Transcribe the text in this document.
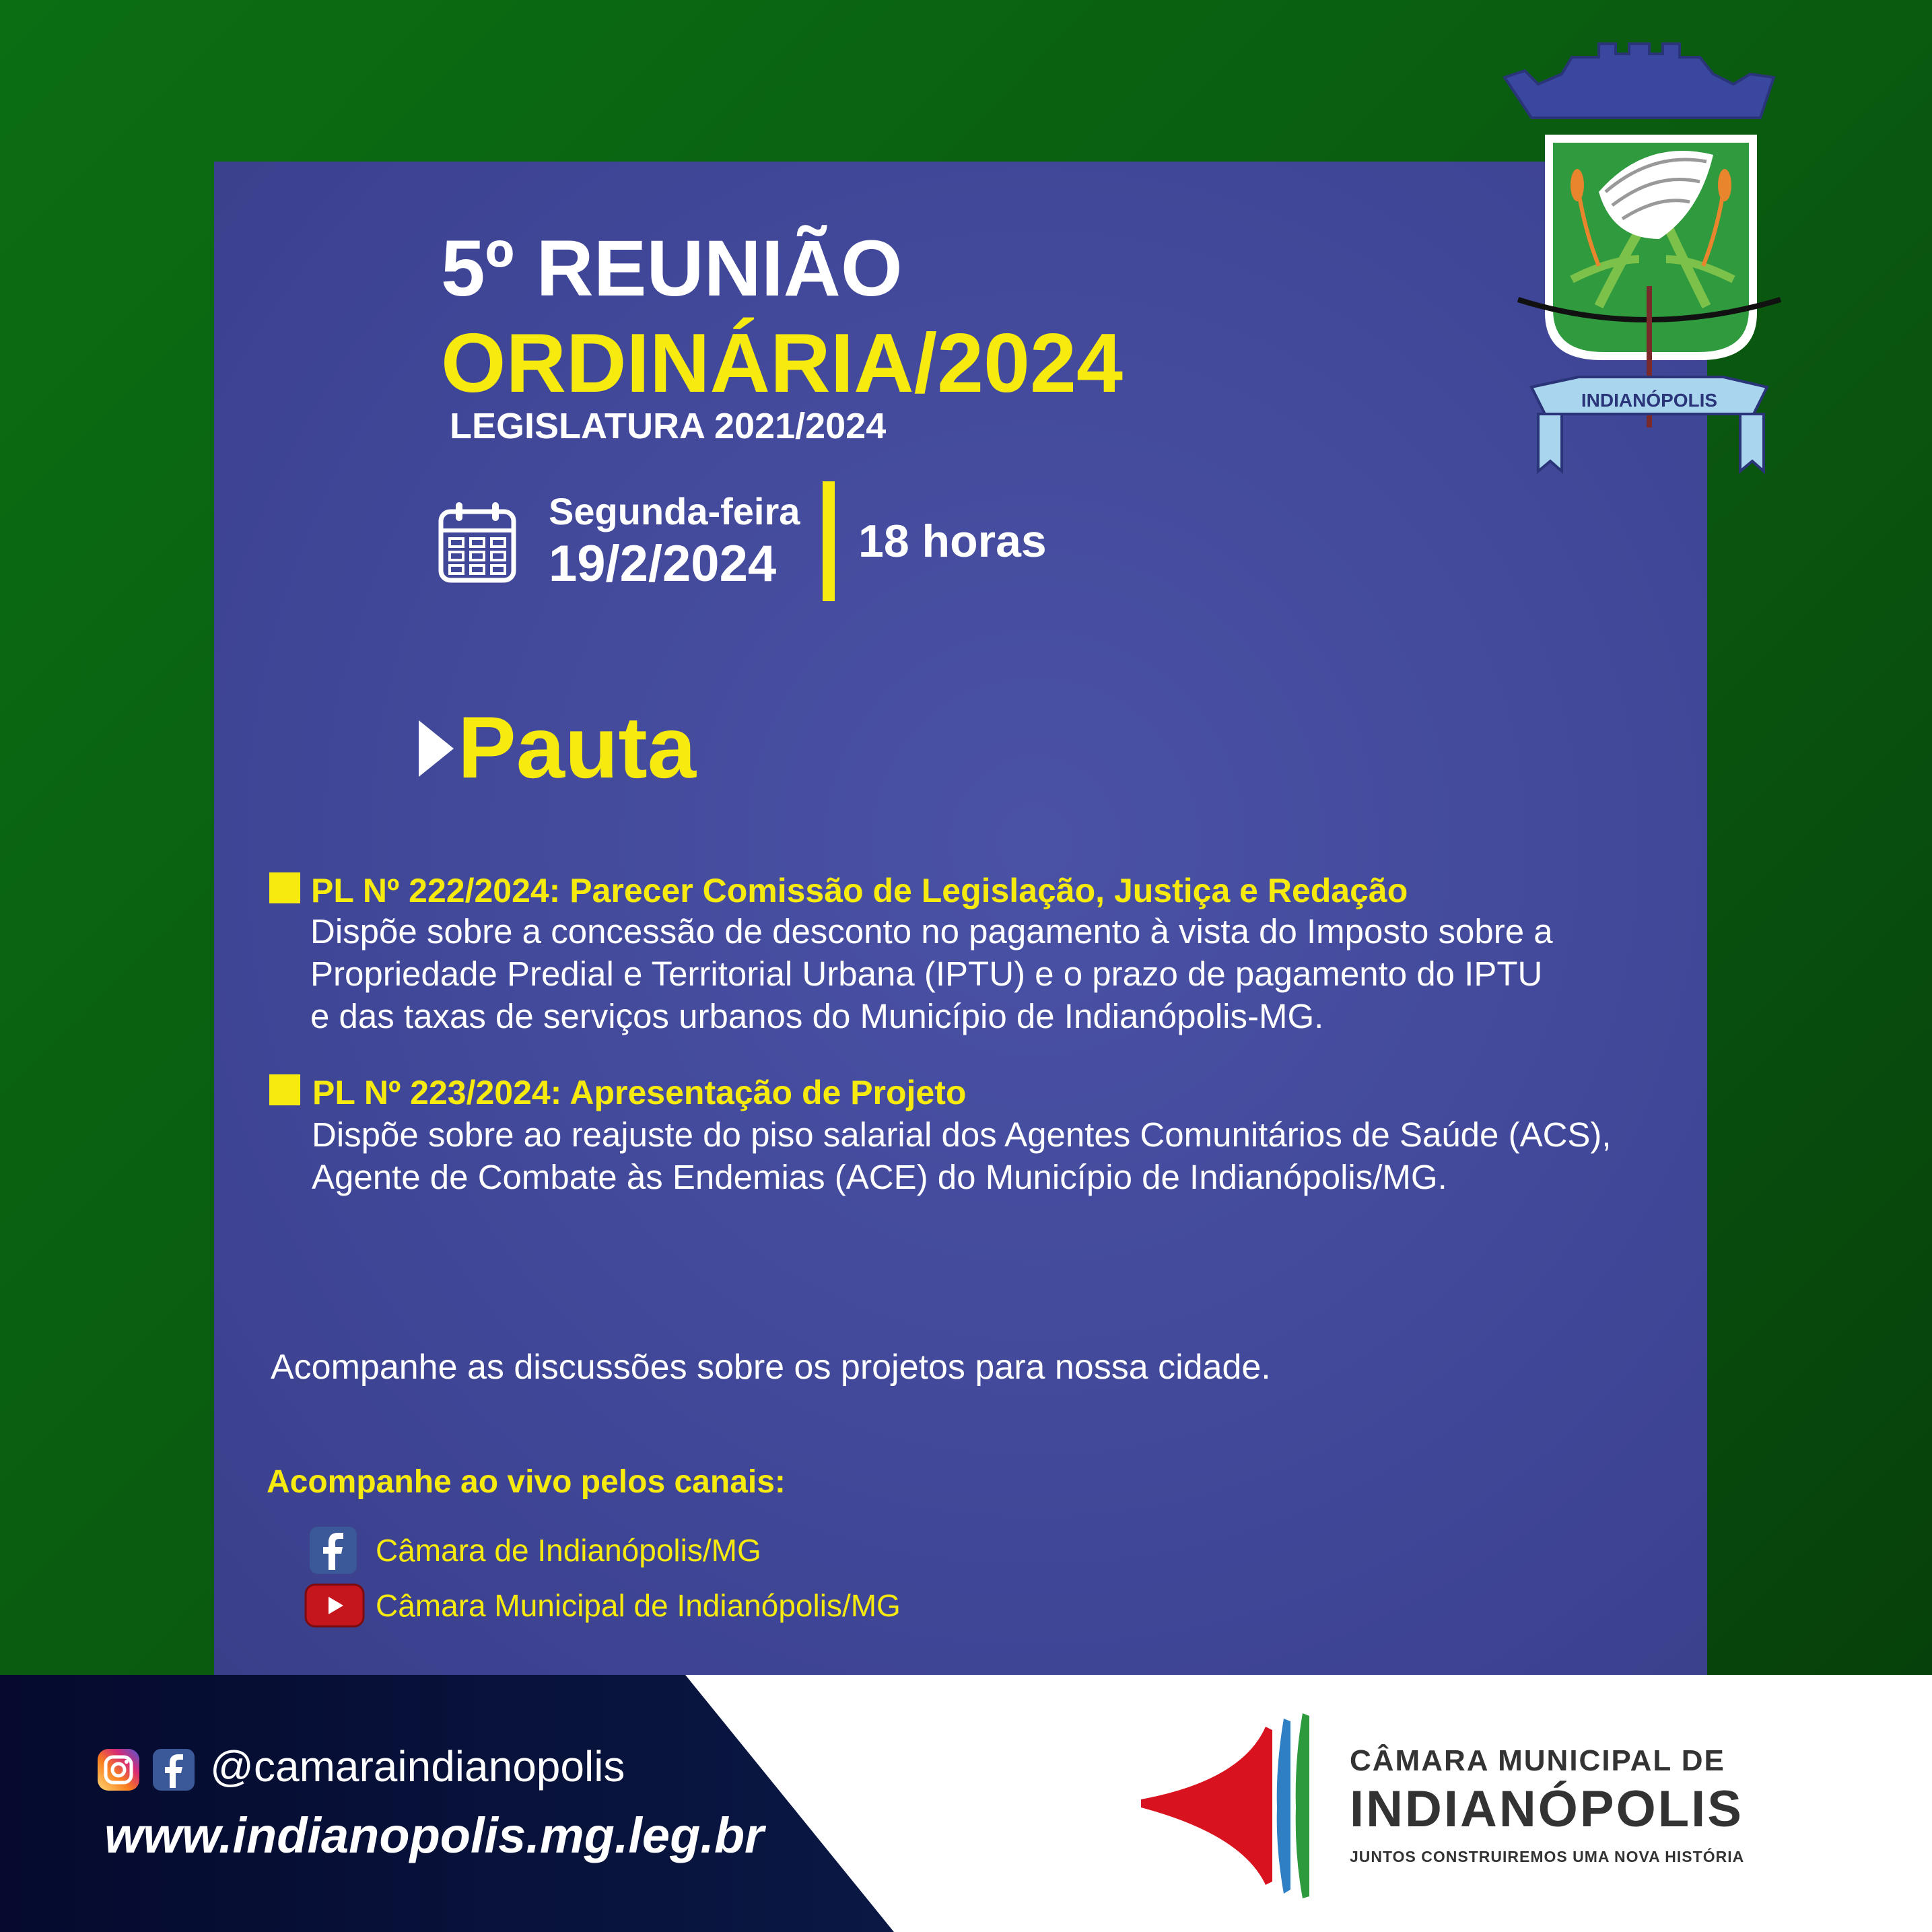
INDIANÓPOLIS
5º REUNIÃO
ORDINÁRIA/2024
LEGISLATURA 2021/2024
Segunda-feira
19/2/2024 18 horas
Pauta
PL Nº 222/2024: Parecer Comissão de Legislação, Justiça e Redação
Dispõe sobre a concessão de desconto no pagamento à vista do Imposto sobre a
Propriedade Predial e Territorial Urbana (IPTU) e o prazo de pagamento do IPTU
e das taxas de serviços urbanos do Município de Indianópolis-MG.
PL Nº 223/2024: Apresentação de Projeto
Dispõe sobre ao reajuste do piso salarial dos Agentes Comunitários de Saúde (ACS),
Agente de Combate às Endemias (ACE) do Município de Indianópolis/MG.
Acompanhe as discussões sobre os projetos para nossa cidade.
Acompanhe ao vivo pelos canais:
Câmara de Indianópolis/MG
Câmara Municipal de Indianópolis/MG
@camaraindianopolis
www.indianopolis.mg.leg.br
CÂMARA MUNICIPAL DE
INDIANÓPOLIS
JUNTOS CONSTRUIREMOS UMA NOVA HISTÓRIA
